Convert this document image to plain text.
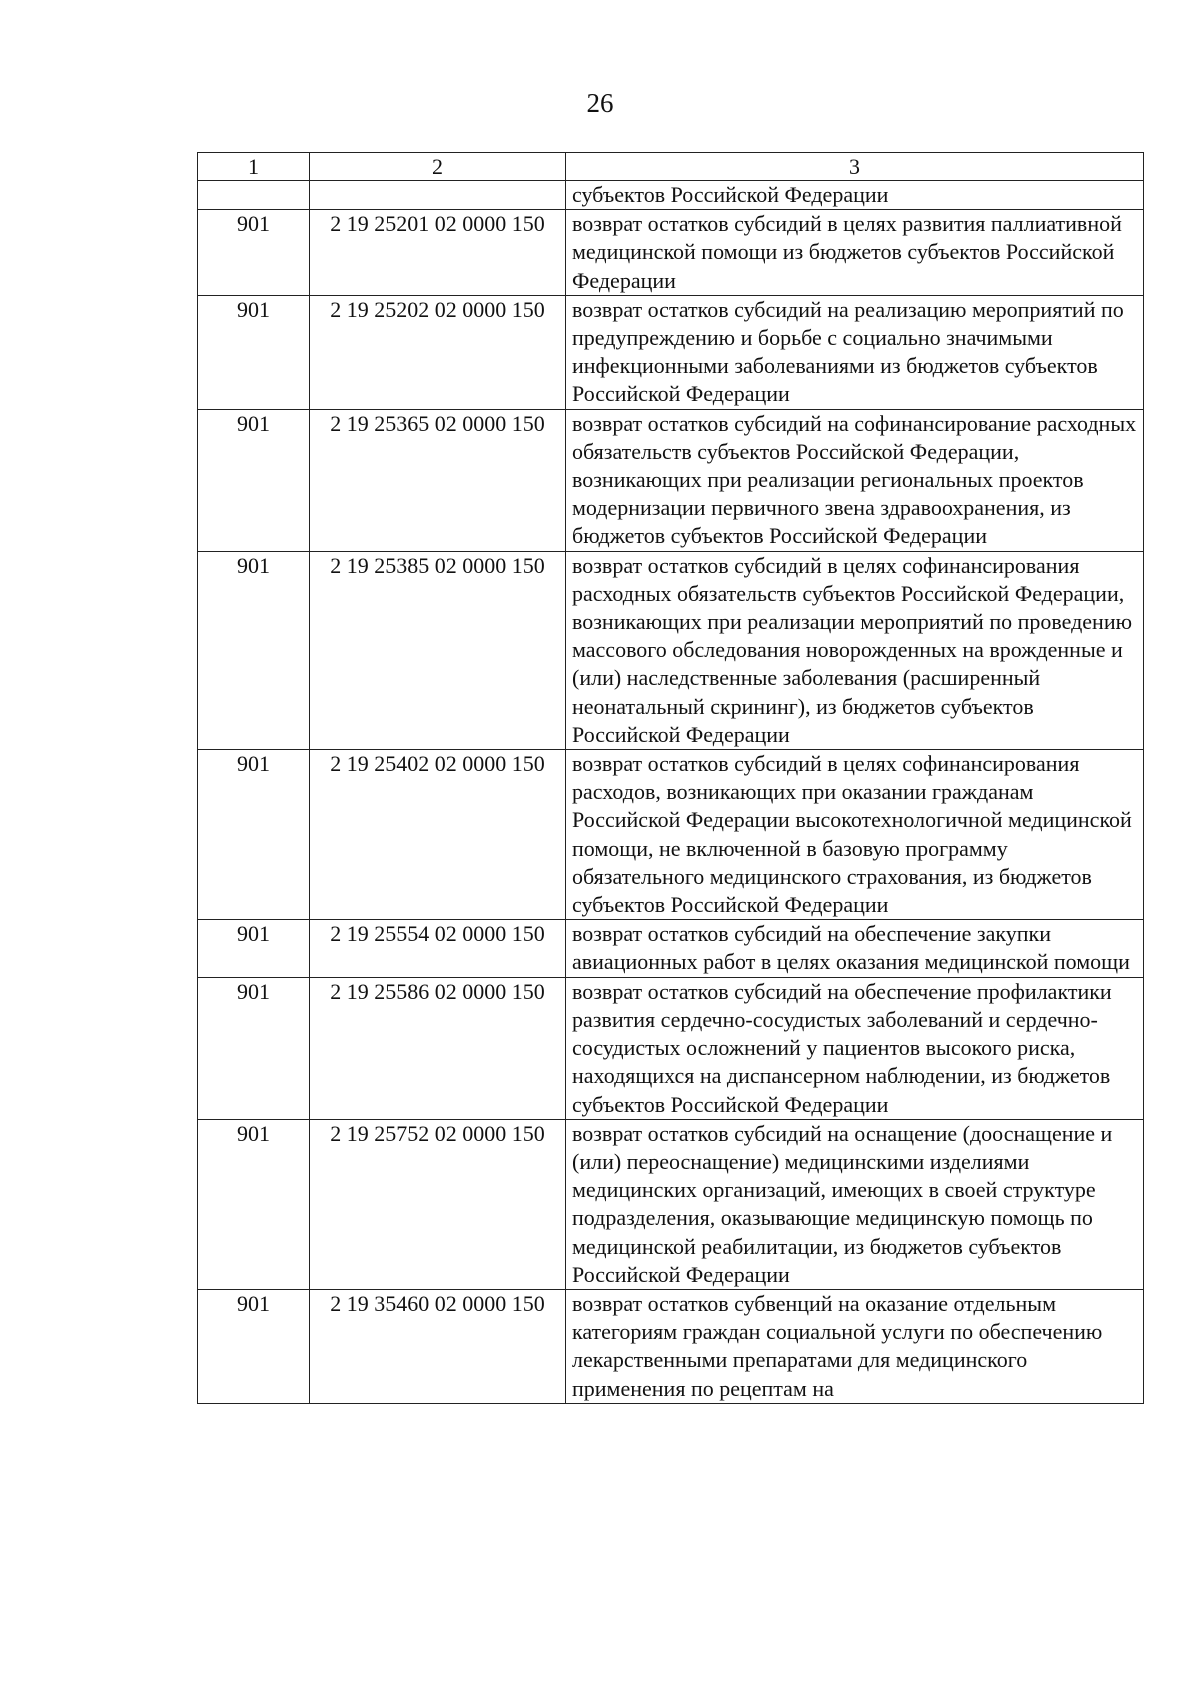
26
1	2	3
		субъектов Российской Федерации
901	2 19 25201 02 0000 150	возврат остатков субсидий в целях развития паллиативной медицинской помощи из бюджетов субъектов Российской Федерации
901	2 19 25202 02 0000 150	возврат остатков субсидий на реализацию мероприятий по предупреждению и борьбе с социально значимыми инфекционными заболеваниями из бюджетов субъектов Российской Федерации
901	2 19 25365 02 0000 150	возврат остатков субсидий на софинансирование расходных обязательств субъектов Российской Федерации, возникающих при реализации региональных проектов модернизации первичного звена здравоохранения, из бюджетов субъектов Российской Федерации
901	2 19 25385 02 0000 150	возврат остатков субсидий в целях софинансирования расходных обязательств субъектов Российской Федерации, возникающих при реализации мероприятий по проведению массового обследования новорожденных на врожденные и (или) наследственные заболевания (расширенный неонатальный скрининг), из бюджетов субъектов Российской Федерации
901	2 19 25402 02 0000 150	возврат остатков субсидий в целях софинансирования расходов, возникающих при оказании гражданам Российской Федерации высокотехнологичной медицинской помощи, не включенной в базовую программу обязательного медицинского страхования, из бюджетов субъектов Российской Федерации
901	2 19 25554 02 0000 150	возврат остатков субсидий на обеспечение закупки авиационных работ в целях оказания медицинской помощи
901	2 19 25586 02 0000 150	возврат остатков субсидий на обеспечение профилактики развития сердечно-сосудистых заболеваний и сердечно-сосудистых осложнений у пациентов высокого риска, находящихся на диспансерном наблюдении, из бюджетов субъектов Российской Федерации
901	2 19 25752 02 0000 150	возврат остатков субсидий на оснащение (дооснащение и (или) переоснащение) медицинскими изделиями медицинских организаций, имеющих в своей структуре подразделения, оказывающие медицинскую помощь по медицинской реабилитации, из бюджетов субъектов Российской Федерации
901	2 19 35460 02 0000 150	возврат остатков субвенций на оказание отдельным категориям граждан социальной услуги по обеспечению лекарственными препаратами для медицинского применения по рецептам на
